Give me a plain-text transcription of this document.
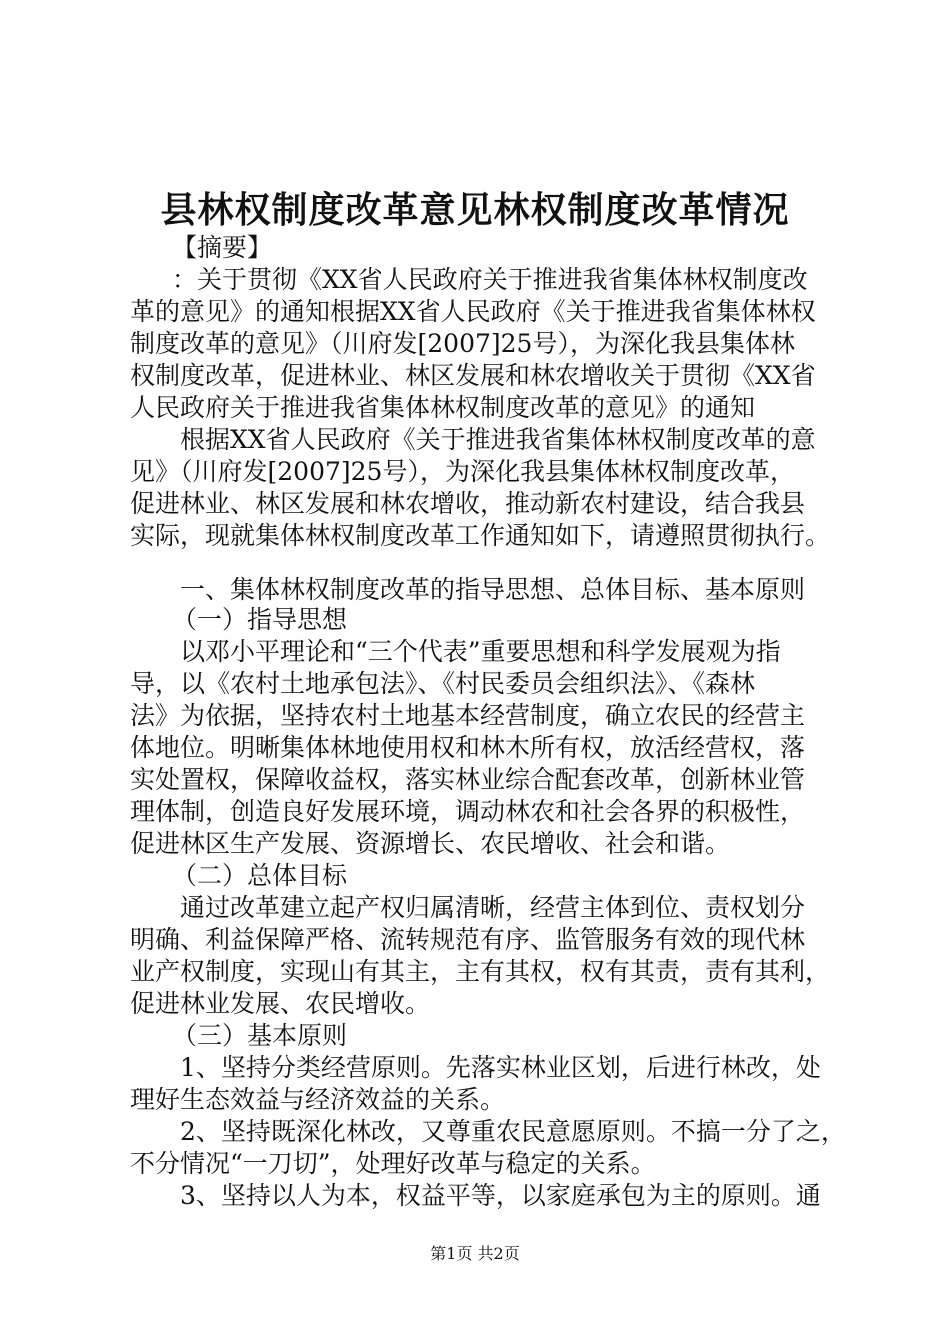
县林权制度改革意见林权制度改革情况

【摘要】

：关于贯彻《XX省人民政府关于推进我省集体林权制度改

革的意见》的通知根据XX省人民政府《关于推进我省集体林权

制度改革的意见》（川府发[2007]25号），为深化我县集体林

权制度改革，促进林业、林区发展和林农增收关于贯彻《XX省

人民政府关于推进我省集体林权制度改革的意见》的通知

根据XX省人民政府《关于推进我省集体林权制度改革的意

见》（川府发[2007]25号），为深化我县集体林权制度改革，

促进林业、林区发展和林农增收，推动新农村建设，结合我县

实际，现就集体林权制度改革工作通知如下，请遵照贯彻执行。

一、集体林权制度改革的指导思想、总体目标、基本原则

（一）指导思想

以邓小平理论和“三个代表”重要思想和科学发展观为指

导，以《农村土地承包法》、《村民委员会组织法》、《森林

法》为依据，坚持农村土地基本经营制度，确立农民的经营主

体地位。明晰集体林地使用权和林木所有权，放活经营权，落

实处置权，保障收益权，落实林业综合配套改革，创新林业管

理体制，创造良好发展环境，调动林农和社会各界的积极性，

促进林区生产发展、资源增长、农民增收、社会和谐。

（二）总体目标

通过改革建立起产权归属清晰，经营主体到位、责权划分

明确、利益保障严格、流转规范有序、监管服务有效的现代林

业产权制度，实现山有其主，主有其权，权有其责，责有其利，

促进林业发展、农民增收。

（三）基本原则

1、坚持分类经营原则。先落实林业区划，后进行林改，处

理好生态效益与经济效益的关系。

2、坚持既深化林改，又尊重农民意愿原则。不搞一分了之，

不分情况“一刀切”，处理好改革与稳定的关系。

3、坚持以人为本，权益平等，以家庭承包为主的原则。通

第1页 共2页
